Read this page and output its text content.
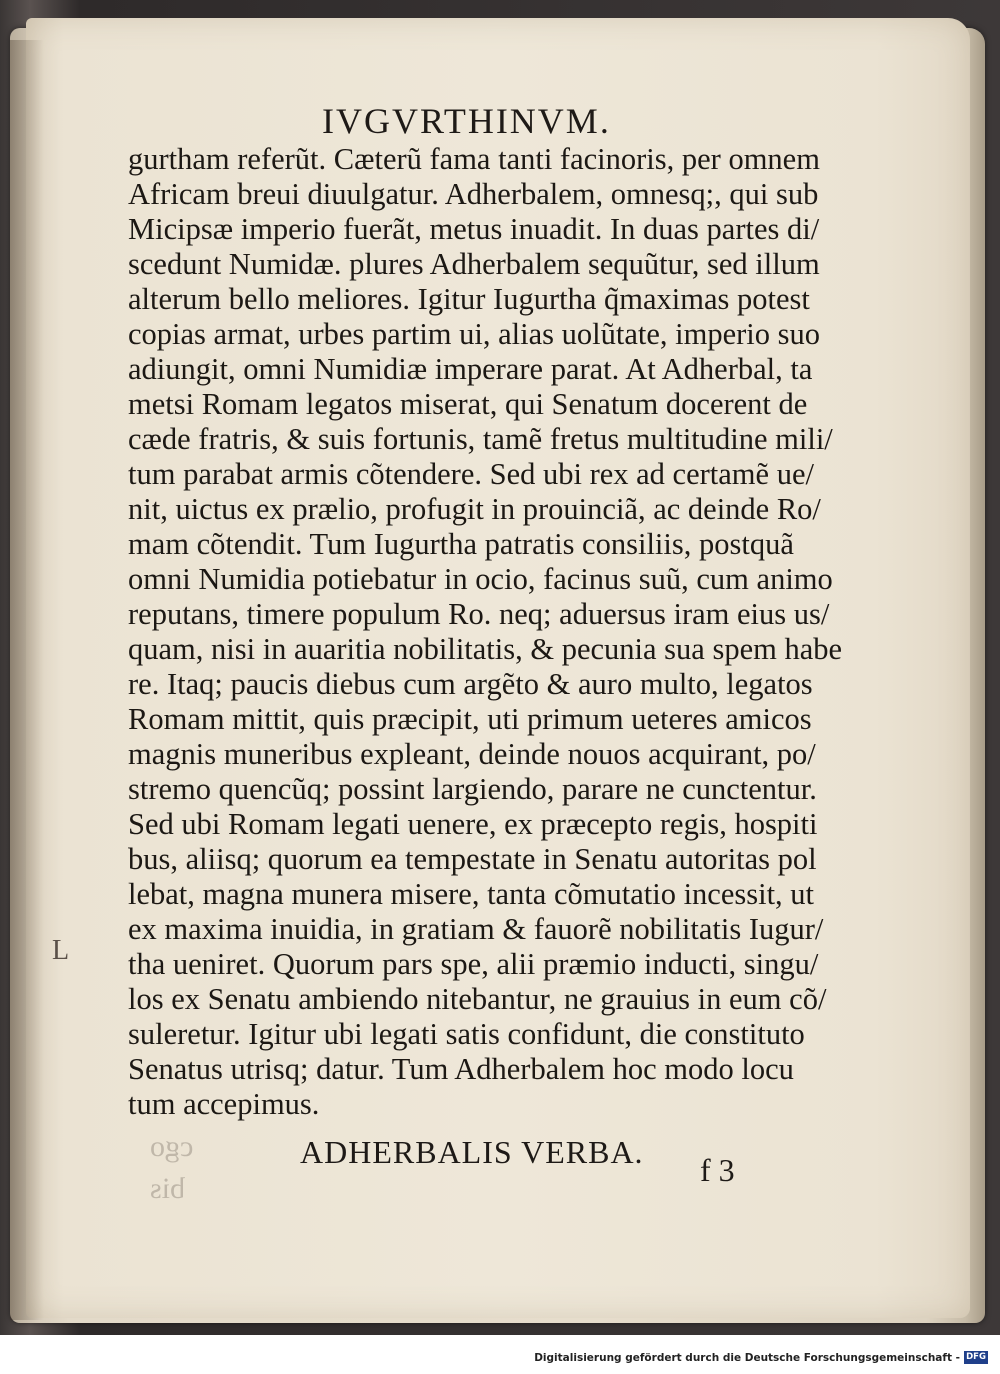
IVGVRTHINVM.
gurtham referũt. Cæterũ fama tanti facinoris, per omnem
Africam breui diuulgatur. Adherbalem, omnesq;, qui sub
Micipsæ imperio fuerãt, metus inuadit. In duas partes di/
scedunt Numidæ. plures Adherbalem sequũtur, sed illum
alterum bello meliores. Igitur Iugurtha q̃maximas potest
copias armat, urbes partim ui, alias uolũtate, imperio suo
adiungit, omni Numidiæ imperare parat. At Adherbal, ta
metsi Romam legatos miserat, qui Senatum docerent de
cæde fratris, & suis fortunis, tamẽ fretus multitudine mili/
tum parabat armis cõtendere. Sed ubi rex ad certamẽ ue/
nit, uictus ex prælio, profugit in prouinciã, ac deinde Ro/
mam cõtendit. Tum Iugurtha patratis consiliis, postquã
omni Numidia potiebatur in ocio, facinus suũ, cum animo
reputans, timere populum Ro. neq; aduersus iram eius us/
quam, nisi in auaritia nobilitatis, & pecunia sua spem habe
re. Itaq; paucis diebus cum argẽto & auro multo, legatos
Romam mittit, quis præcipit, uti primum ueteres amicos
magnis muneribus expleant, deinde nouos acquirant, po/
stremo quencũq; possint largiendo, parare ne cunctentur.
Sed ubi Romam legati uenere, ex præcepto regis, hospiti
bus, aliisq; quorum ea tempestate in Senatu autoritas pol
lebat, magna munera misere, tanta cõmutatio incessit, ut
ex maxima inuidia, in gratiam & fauorẽ nobilitatis Iugur/
tha ueniret. Quorum pars spe, alii præmio inducti, singu/
los ex Senatu ambiendo nitebantur, ne grauius in eum cõ/
suleretur. Igitur ubi legati satis confidunt, die constituto
Senatus utrisq; datur. Tum Adherbalem hoc modo locu
tum accepimus.
cgo
bis
ADHERBALIS VERBA. f 3
L
Digitalisierung gefördert durch die Deutsche Forschungsgemeinschaft - DFG
